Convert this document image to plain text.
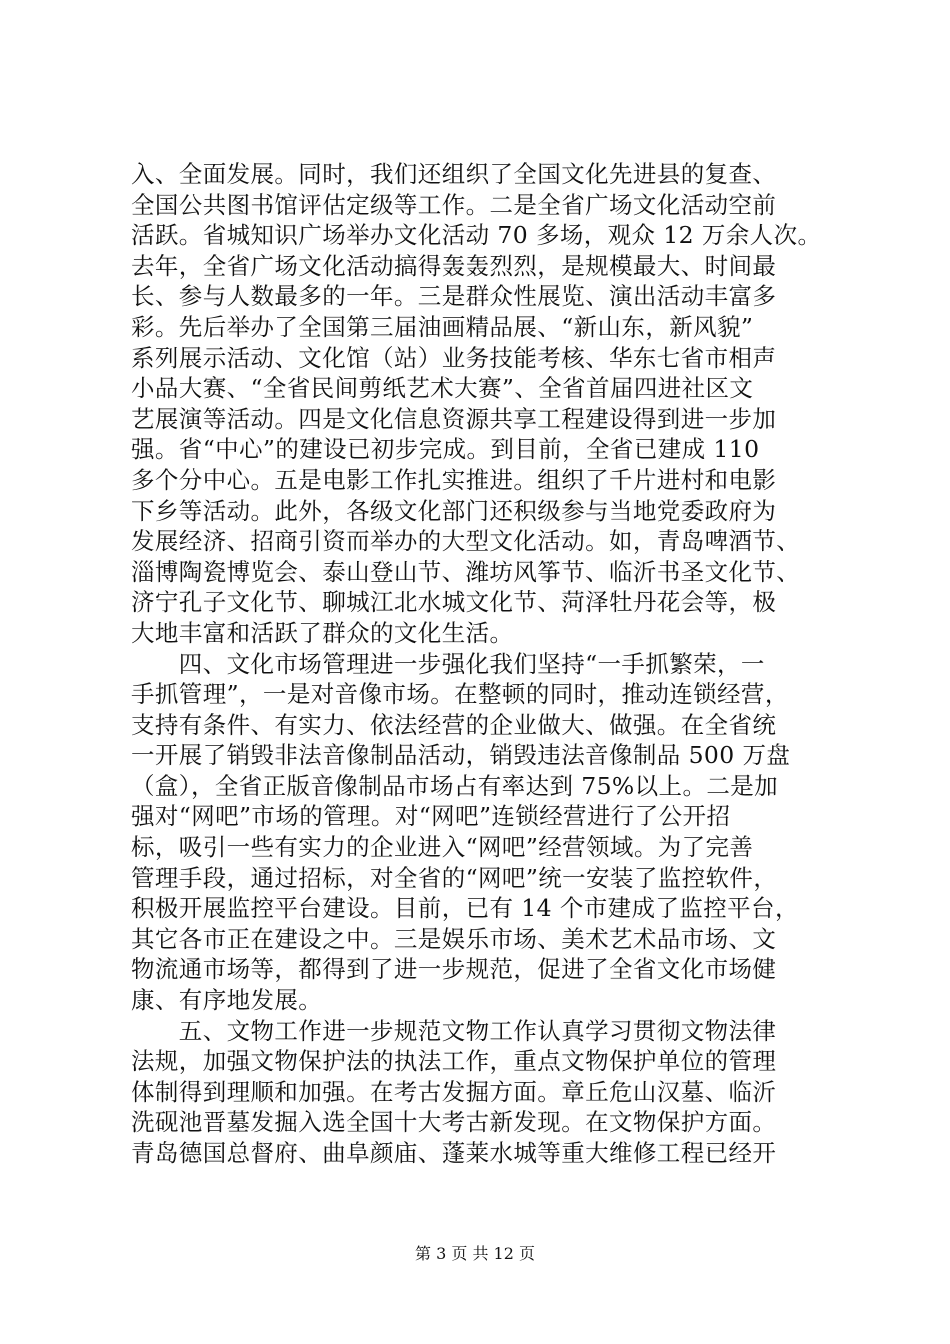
入、全面发展。同时，我们还组织了全国文化先进县的复查、
全国公共图书馆评估定级等工作。二是全省广场文化活动空前
活跃。省城知识广场举办文化活动 70 多场，观众 12 万余人次。
去年，全省广场文化活动搞得轰轰烈烈，是规模最大、时间最
长、参与人数最多的一年。三是群众性展览、演出活动丰富多
彩。先后举办了全国第三届油画精品展、“新山东，新风貌”
系列展示活动、文化馆（站）业务技能考核、华东七省市相声
小品大赛、“全省民间剪纸艺术大赛”、全省首届四进社区文
艺展演等活动。四是文化信息资源共享工程建设得到进一步加
强。省“中心”的建设已初步完成。到目前，全省已建成 110
多个分中心。五是电影工作扎实推进。组织了千片进村和电影
下乡等活动。此外，各级文化部门还积级参与当地党委政府为
发展经济、招商引资而举办的大型文化活动。如，青岛啤酒节、
淄博陶瓷博览会、泰山登山节、潍坊风筝节、临沂书圣文化节、
济宁孔子文化节、聊城江北水城文化节、菏泽牡丹花会等，极
大地丰富和活跃了群众的文化生活。
　　四、文化市场管理进一步强化我们坚持“一手抓繁荣，一
手抓管理”，一是对音像市场。在整顿的同时，推动连锁经营，
支持有条件、有实力、依法经营的企业做大、做强。在全省统
一开展了销毁非法音像制品活动，销毁违法音像制品 500 万盘
（盒），全省正版音像制品市场占有率达到 75%以上。二是加
强对“网吧”市场的管理。对“网吧”连锁经营进行了公开招
标，吸引一些有实力的企业进入“网吧”经营领域。为了完善
管理手段，通过招标，对全省的“网吧”统一安装了监控软件，
积极开展监控平台建设。目前，已有 14 个市建成了监控平台，
其它各市正在建设之中。三是娱乐市场、美术艺术品市场、文
物流通市场等，都得到了进一步规范，促进了全省文化市场健
康、有序地发展。
　　五、文物工作进一步规范文物工作认真学习贯彻文物法律
法规，加强文物保护法的执法工作，重点文物保护单位的管理
体制得到理顺和加强。在考古发掘方面。章丘危山汉墓、临沂
洗砚池晋墓发掘入选全国十大考古新发现。在文物保护方面。
青岛德国总督府、曲阜颜庙、蓬莱水城等重大维修工程已经开
第 3 页 共 12 页
